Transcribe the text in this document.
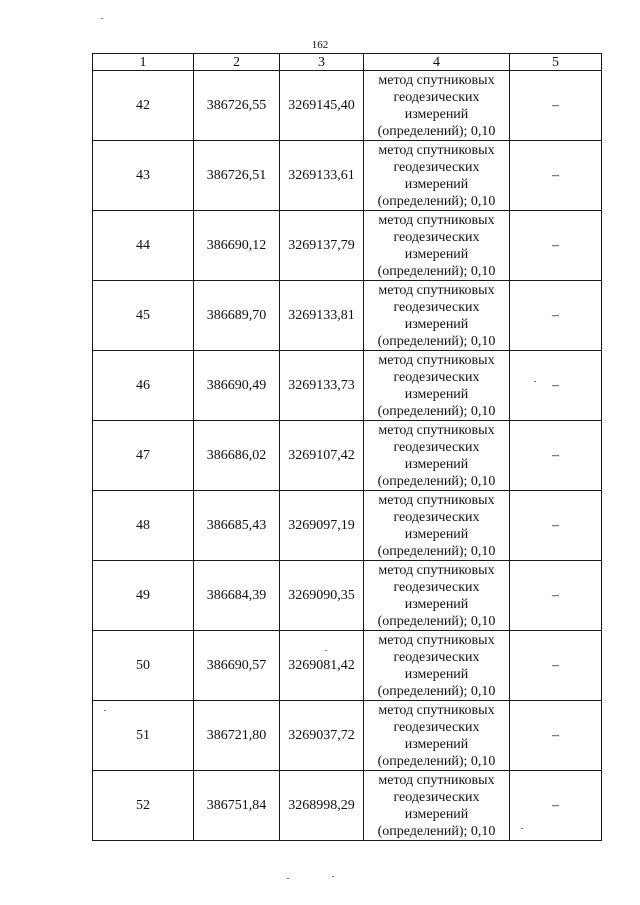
162
1	2	3	4	5
42	386726,55	3269145,40	метод спутниковых
геодезических
измерений
(определений); 0,10	–
43	386726,51	3269133,61	метод спутниковых
геодезических
измерений
(определений); 0,10	–
44	386690,12	3269137,79	метод спутниковых
геодезических
измерений
(определений); 0,10	–
45	386689,70	3269133,81	метод спутниковых
геодезических
измерений
(определений); 0,10	–
46	386690,49	3269133,73	метод спутниковых
геодезических
измерений
(определений); 0,10	–
47	386686,02	3269107,42	метод спутниковых
геодезических
измерений
(определений); 0,10	–
48	386685,43	3269097,19	метод спутниковых
геодезических
измерений
(определений); 0,10	–
49	386684,39	3269090,35	метод спутниковых
геодезических
измерений
(определений); 0,10	–
50	386690,57	3269081,42	метод спутниковых
геодезических
измерений
(определений); 0,10	–
51	386721,80	3269037,72	метод спутниковых
геодезических
измерений
(определений); 0,10	–
52	386751,84	3268998,29	метод спутниковых
геодезических
измерений
(определений); 0,10	–
